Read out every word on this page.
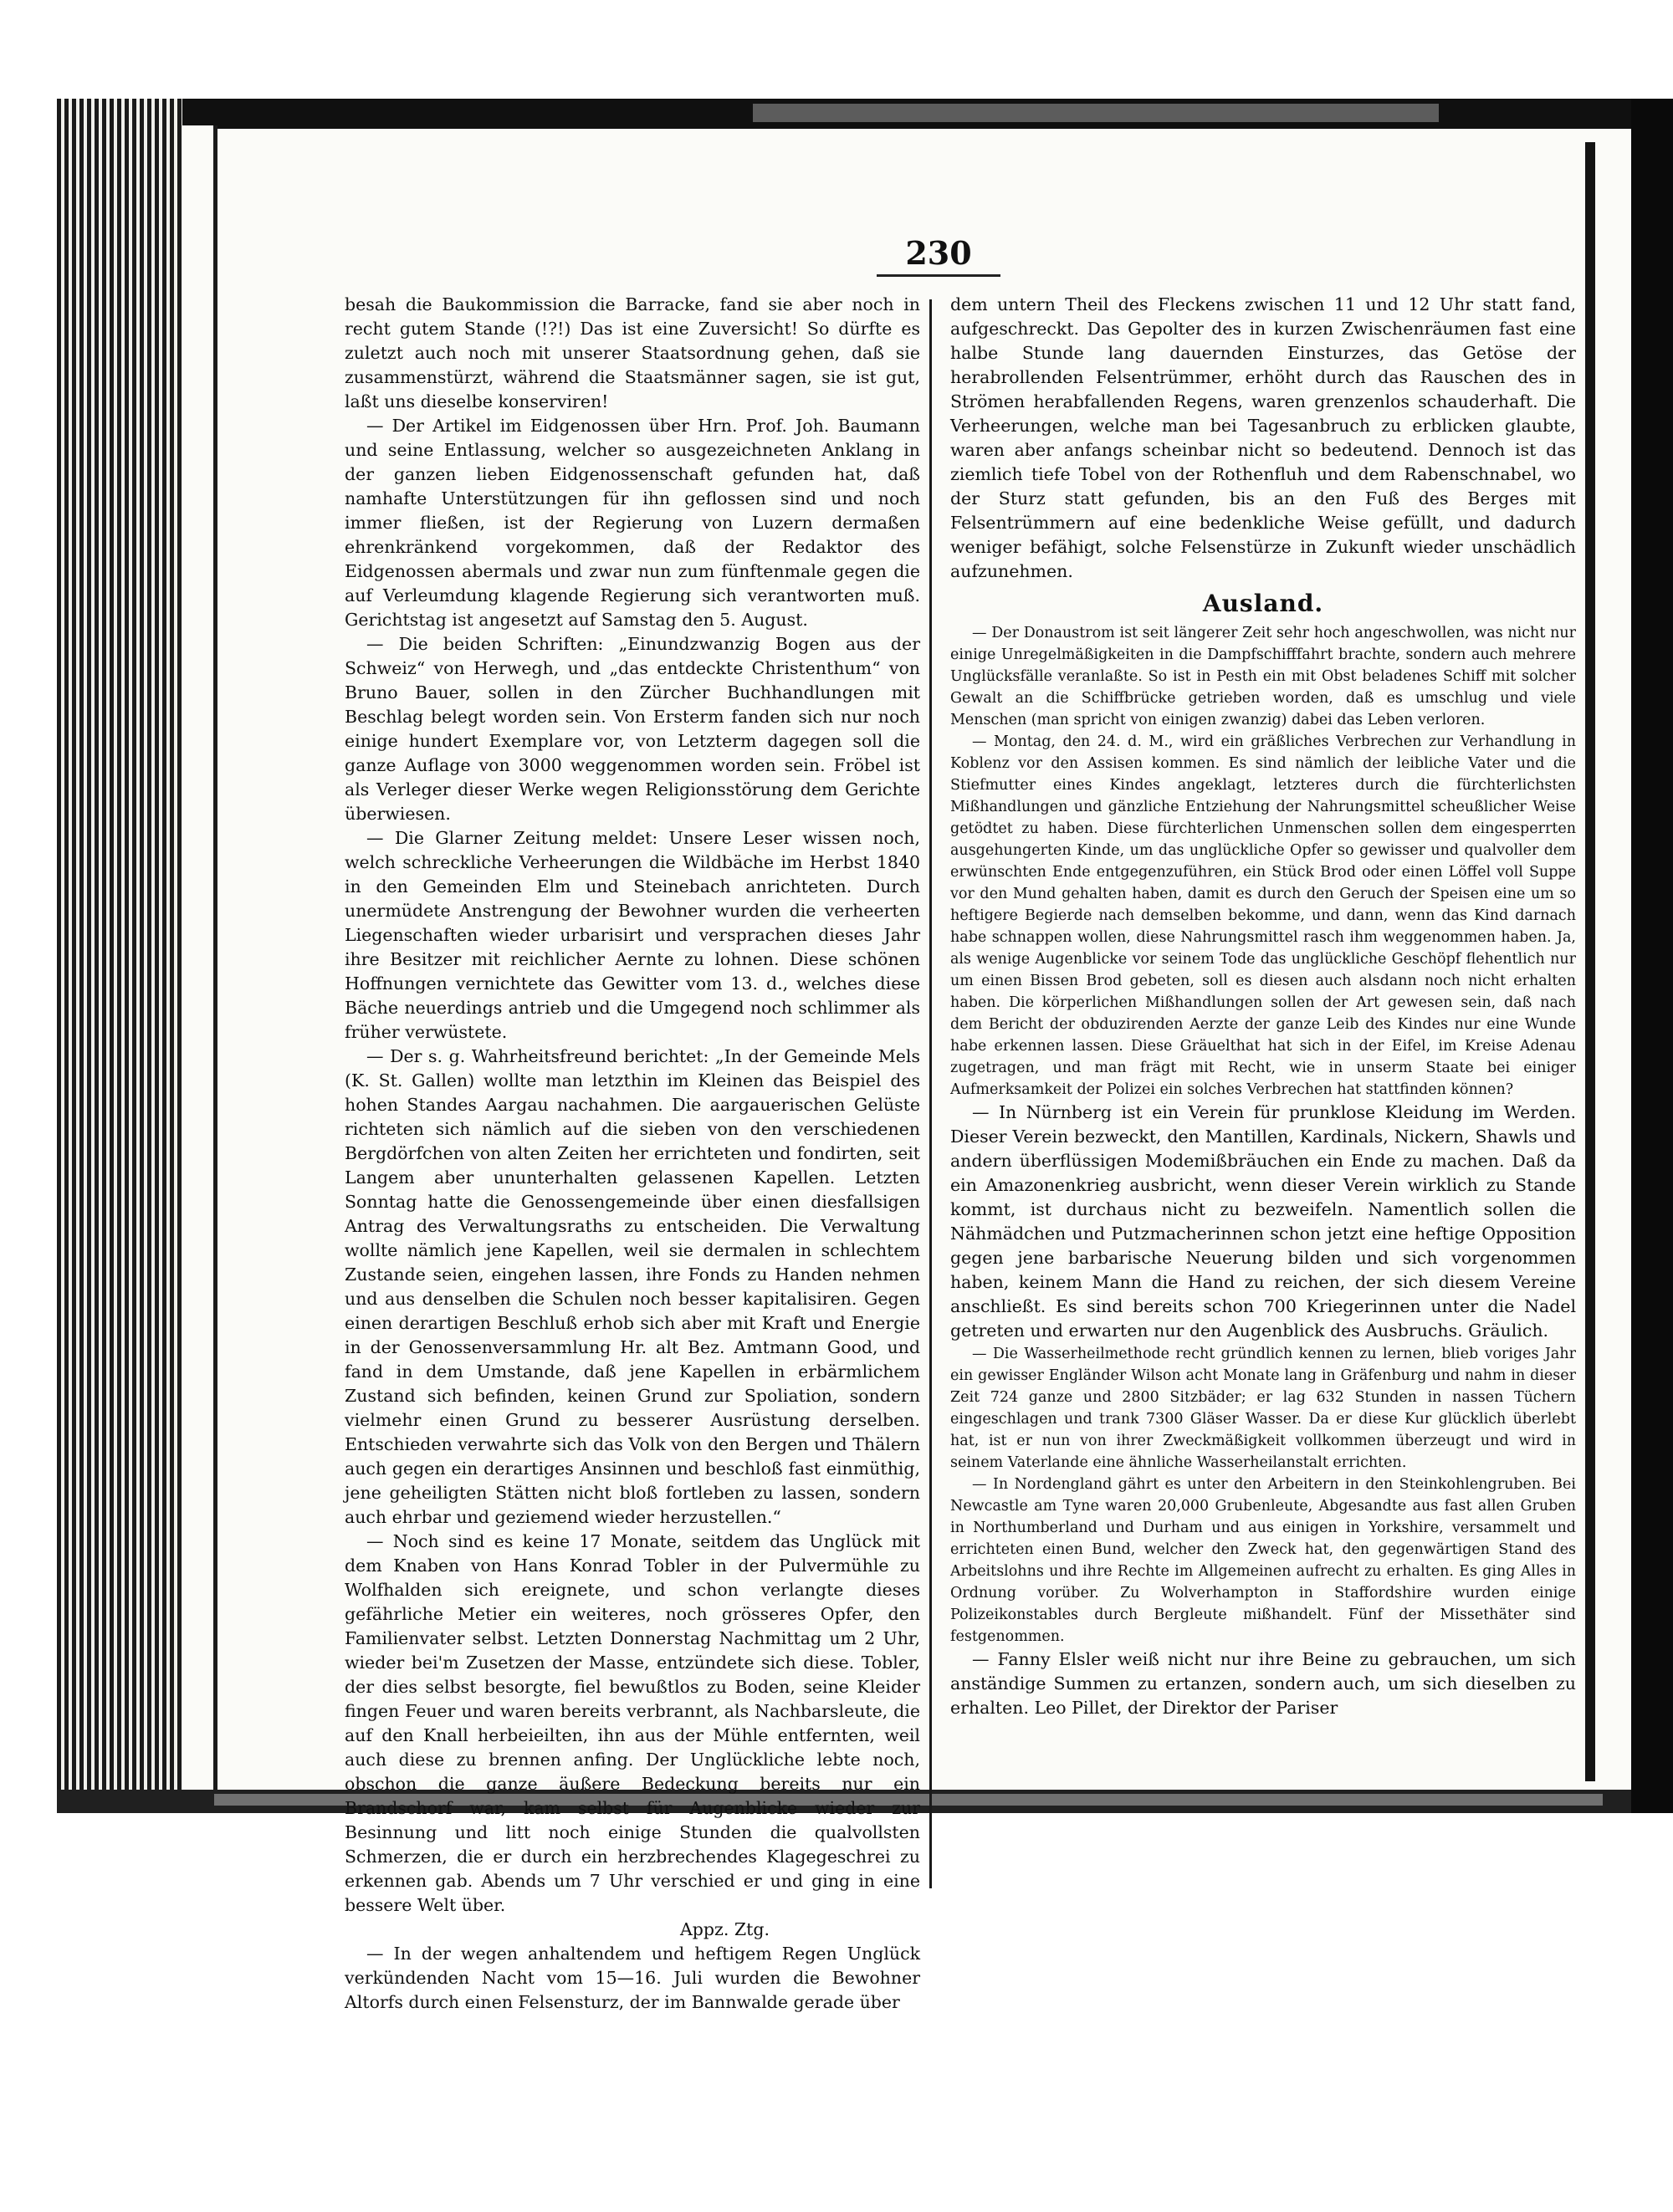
230

besah die Baukommission die Barracke, fand sie aber noch in recht gutem Stande (!?!) Das ist eine Zuversicht! So dürfte es zuletzt auch noch mit unserer Staatsordnung gehen, daß sie zusammenstürzt, während die Staatsmänner sagen, sie ist gut, laßt uns dieselbe konserviren!

— Der Artikel im Eidgenossen über Hrn. Prof. Joh. Baumann und seine Entlassung, welcher so ausgezeichneten Anklang in der ganzen lieben Eidgenossenschaft gefunden hat, daß namhafte Unterstützungen für ihn geflossen sind und noch immer fließen, ist der Regierung von Luzern dermaßen ehrenkränkend vorgekommen, daß der Redaktor des Eidgenossen abermals und zwar nun zum fünftenmale gegen die auf Verleumdung klagende Regierung sich verantworten muß. Gerichtstag ist angesetzt auf Samstag den 5. August.

— Die beiden Schriften: „Einundzwanzig Bogen aus der Schweiz“ von Herwegh, und „das entdeckte Christenthum“ von Bruno Bauer, sollen in den Zürcher Buchhandlungen mit Beschlag belegt worden sein. Von Ersterm fanden sich nur noch einige hundert Exemplare vor, von Letzterm dagegen soll die ganze Auflage von 3000 weggenommen worden sein. Fröbel ist als Verleger dieser Werke wegen Religionsstörung dem Gerichte überwiesen.

— Die Glarner Zeitung meldet: Unsere Leser wissen noch, welch schreckliche Verheerungen die Wildbäche im Herbst 1840 in den Gemeinden Elm und Steinebach anrichteten. Durch unermüdete Anstrengung der Bewohner wurden die verheerten Liegenschaften wieder urbarisirt und versprachen dieses Jahr ihre Besitzer mit reichlicher Aernte zu lohnen. Diese schönen Hoffnungen vernichtete das Gewitter vom 13. d., welches diese Bäche neuerdings antrieb und die Umgegend noch schlimmer als früher verwüstete.

— Der s. g. Wahrheitsfreund berichtet: „In der Gemeinde Mels (K. St. Gallen) wollte man letzthin im Kleinen das Beispiel des hohen Standes Aargau nachahmen. Die aargauerischen Gelüste richteten sich nämlich auf die sieben von den verschiedenen Bergdörfchen von alten Zeiten her errichteten und fondirten, seit Langem aber ununterhalten gelassenen Kapellen. Letzten Sonntag hatte die Genossengemeinde über einen diesfallsigen Antrag des Verwaltungsraths zu entscheiden. Die Verwaltung wollte nämlich jene Kapellen, weil sie dermalen in schlechtem Zustande seien, eingehen lassen, ihre Fonds zu Handen nehmen und aus denselben die Schulen noch besser kapitalisiren. Gegen einen derartigen Beschluß erhob sich aber mit Kraft und Energie in der Genossenversammlung Hr. alt Bez. Amtmann Good, und fand in dem Umstande, daß jene Kapellen in erbärmlichem Zustand sich befinden, keinen Grund zur Spoliation, sondern vielmehr einen Grund zu besserer Ausrüstung derselben. Entschieden verwahrte sich das Volk von den Bergen und Thälern auch gegen ein derartiges Ansinnen und beschloß fast einmüthig, jene geheiligten Stätten nicht bloß fortleben zu lassen, sondern auch ehrbar und geziemend wieder herzustellen.“

— Noch sind es keine 17 Monate, seitdem das Unglück mit dem Knaben von Hans Konrad Tobler in der Pulvermühle zu Wolfhalden sich ereignete, und schon verlangte dieses gefährliche Metier ein weiteres, noch grösseres Opfer, den Familienvater selbst. Letzten Donnerstag Nachmittag um 2 Uhr, wieder bei'm Zusetzen der Masse, entzündete sich diese. Tobler, der dies selbst besorgte, fiel bewußtlos zu Boden, seine Kleider fingen Feuer und waren bereits verbrannt, als Nachbarsleute, die auf den Knall herbeieilten, ihn aus der Mühle entfernten, weil auch diese zu brennen anfing. Der Unglückliche lebte noch, obschon die ganze äußere Bedeckung bereits nur ein Brandschorf war, kam selbst für Augenblicke wieder zur Besinnung und litt noch einige Stunden die qualvollsten Schmerzen, die er durch ein herzbrechendes Klagegeschrei zu erkennen gab. Abends um 7 Uhr verschied er und ging in eine bessere Welt über.

Appz. Ztg.

— In der wegen anhaltendem und heftigem Regen Unglück verkündenden Nacht vom 15—16. Juli wurden die Bewohner Altorfs durch einen Felsensturz, der im Bannwalde gerade über

dem untern Theil des Fleckens zwischen 11 und 12 Uhr statt fand, aufgeschreckt. Das Gepolter des in kurzen Zwischenräumen fast eine halbe Stunde lang dauernden Einsturzes, das Getöse der herabrollenden Felsentrümmer, erhöht durch das Rauschen des in Strömen herabfallenden Regens, waren grenzenlos schauderhaft. Die Verheerungen, welche man bei Tagesanbruch zu erblicken glaubte, waren aber anfangs scheinbar nicht so bedeutend. Dennoch ist das ziemlich tiefe Tobel von der Rothenfluh und dem Rabenschnabel, wo der Sturz statt gefunden, bis an den Fuß des Berges mit Felsentrümmern auf eine bedenkliche Weise gefüllt, und dadurch weniger befähigt, solche Felsenstürze in Zukunft wieder unschädlich aufzunehmen.

Ausland.

— Der Donaustrom ist seit längerer Zeit sehr hoch angeschwollen, was nicht nur einige Unregelmäßigkeiten in die Dampfschifffahrt brachte, sondern auch mehrere Unglücksfälle veranlaßte. So ist in Pesth ein mit Obst beladenes Schiff mit solcher Gewalt an die Schiffbrücke getrieben worden, daß es umschlug und viele Menschen (man spricht von einigen zwanzig) dabei das Leben verloren.

— Montag, den 24. d. M., wird ein gräßliches Verbrechen zur Verhandlung in Koblenz vor den Assisen kommen. Es sind nämlich der leibliche Vater und die Stiefmutter eines Kindes angeklagt, letzteres durch die fürchterlichsten Mißhandlungen und gänzliche Entziehung der Nahrungsmittel scheußlicher Weise getödtet zu haben. Diese fürchterlichen Unmenschen sollen dem eingesperrten ausgehungerten Kinde, um das unglückliche Opfer so gewisser und qualvoller dem erwünschten Ende entgegenzuführen, ein Stück Brod oder einen Löffel voll Suppe vor den Mund gehalten haben, damit es durch den Geruch der Speisen eine um so heftigere Begierde nach demselben bekomme, und dann, wenn das Kind darnach habe schnappen wollen, diese Nahrungsmittel rasch ihm weggenommen haben. Ja, als wenige Augenblicke vor seinem Tode das unglückliche Geschöpf flehentlich nur um einen Bissen Brod gebeten, soll es diesen auch alsdann noch nicht erhalten haben. Die körperlichen Mißhandlungen sollen der Art gewesen sein, daß nach dem Bericht der obduzirenden Aerzte der ganze Leib des Kindes nur eine Wunde habe erkennen lassen. Diese Gräuelthat hat sich in der Eifel, im Kreise Adenau zugetragen, und man frägt mit Recht, wie in unserm Staate bei einiger Aufmerksamkeit der Polizei ein solches Verbrechen hat stattfinden können?

— In Nürnberg ist ein Verein für prunklose Kleidung im Werden. Dieser Verein bezweckt, den Mantillen, Kardinals, Nickern, Shawls und andern überflüssigen Modemißbräuchen ein Ende zu machen. Daß da ein Amazonenkrieg ausbricht, wenn dieser Verein wirklich zu Stande kommt, ist durchaus nicht zu bezweifeln. Namentlich sollen die Nähmädchen und Putzmacherinnen schon jetzt eine heftige Opposition gegen jene barbarische Neuerung bilden und sich vorgenommen haben, keinem Mann die Hand zu reichen, der sich diesem Vereine anschließt. Es sind bereits schon 700 Kriegerinnen unter die Nadel getreten und erwarten nur den Augenblick des Ausbruchs. Gräulich.

— Die Wasserheilmethode recht gründlich kennen zu lernen, blieb voriges Jahr ein gewisser Engländer Wilson acht Monate lang in Gräfenburg und nahm in dieser Zeit 724 ganze und 2800 Sitzbäder; er lag 632 Stunden in nassen Tüchern eingeschlagen und trank 7300 Gläser Wasser. Da er diese Kur glücklich überlebt hat, ist er nun von ihrer Zweckmäßigkeit vollkommen überzeugt und wird in seinem Vaterlande eine ähnliche Wasserheilanstalt errichten.

— In Nordengland gährt es unter den Arbeitern in den Steinkohlengruben. Bei Newcastle am Tyne waren 20,000 Grubenleute, Abgesandte aus fast allen Gruben in Northumberland und Durham und aus einigen in Yorkshire, versammelt und errichteten einen Bund, welcher den Zweck hat, den gegenwärtigen Stand des Arbeitslohns und ihre Rechte im Allgemeinen aufrecht zu erhalten. Es ging Alles in Ordnung vorüber. Zu Wolverhampton in Staffordshire wurden einige Polizeikonstables durch Bergleute mißhandelt. Fünf der Missethäter sind festgenommen.

— Fanny Elsler weiß nicht nur ihre Beine zu gebrauchen, um sich anständige Summen zu ertanzen, sondern auch, um sich dieselben zu erhalten. Leo Pillet, der Direktor der Pariser
